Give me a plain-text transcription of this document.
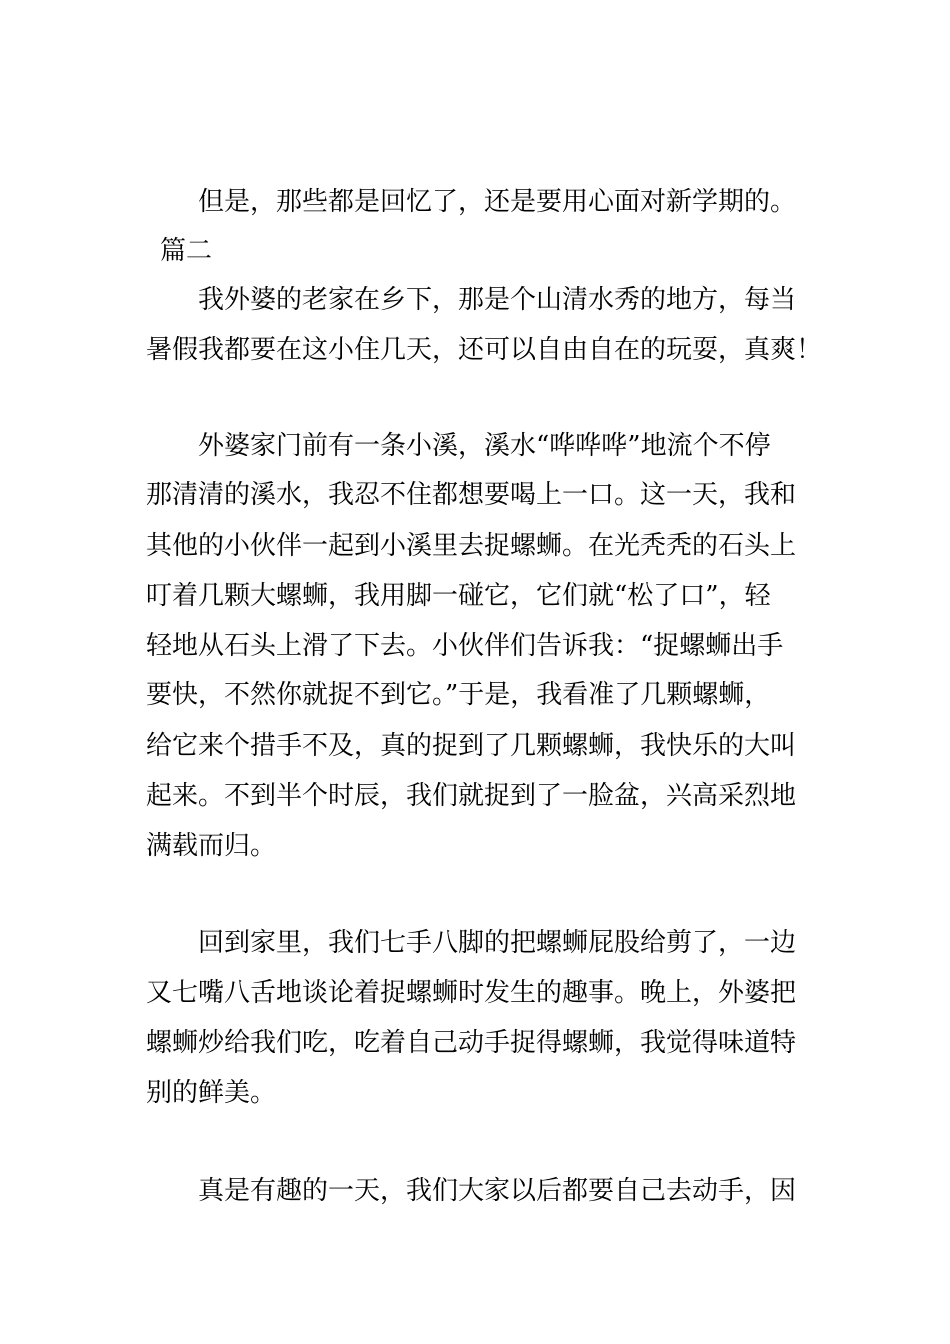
但是，那些都是回忆了，还是要用心面对新学期的。

篇二

我外婆的老家在乡下，那是个山清水秀的地方，每当

暑假我都要在这小住几天，还可以自由自在的玩耍，真爽！

外婆家门前有一条小溪，溪水“哗哗哗”地流个不停

那清清的溪水，我忍不住都想要喝上一口。这一天，我和

其他的小伙伴一起到小溪里去捉螺蛳。在光秃秃的石头上

叮着几颗大螺蛳，我用脚一碰它，它们就“松了口”，轻

轻地从石头上滑了下去。小伙伴们告诉我：“捉螺蛳出手

要快，不然你就捉不到它。”于是，我看准了几颗螺蛳，

给它来个措手不及，真的捉到了几颗螺蛳，我快乐的大叫

起来。不到半个时辰，我们就捉到了一脸盆，兴高采烈地

满载而归。

回到家里，我们七手八脚的把螺蛳屁股给剪了，一边

又七嘴八舌地谈论着捉螺蛳时发生的趣事。晚上，外婆把

螺蛳炒给我们吃，吃着自己动手捉得螺蛳，我觉得味道特

别的鲜美。

真是有趣的一天，我们大家以后都要自己去动手，因
